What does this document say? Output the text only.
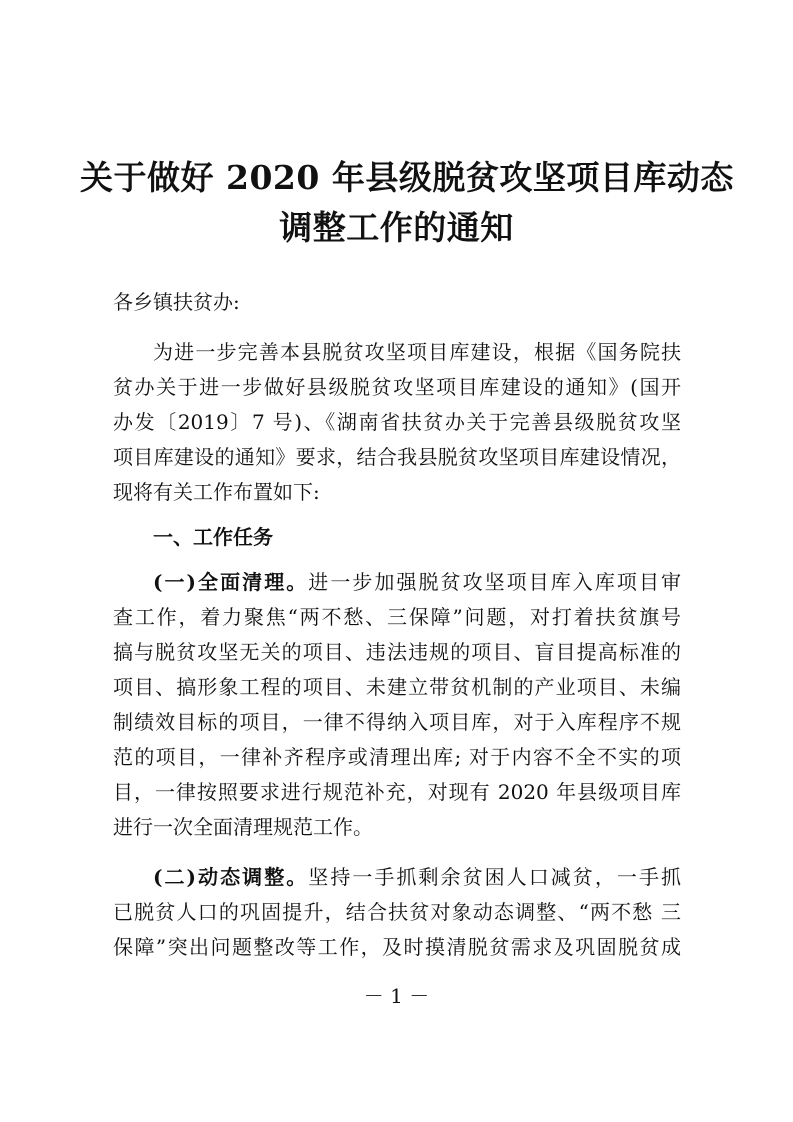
关于做好 2020 年县级脱贫攻坚项目库动态
调整工作的通知
各乡镇扶贫办:
为进一步完善本县脱贫攻坚项目库建设，根据《国务院扶
贫办关于进一步做好县级脱贫攻坚项目库建设的通知》(国开
办发〔2019〕7 号)、《湖南省扶贫办关于完善县级脱贫攻坚
项目库建设的通知》要求，结合我县脱贫攻坚项目库建设情况，
现将有关工作布置如下:
一、工作任务
(一)全面清理。进一步加强脱贫攻坚项目库入库项目审
查工作，着力聚焦“两不愁、三保障”问题，对打着扶贫旗号
搞与脱贫攻坚无关的项目、违法违规的项目、盲目提高标准的
项目、搞形象工程的项目、未建立带贫机制的产业项目、未编
制绩效目标的项目，一律不得纳入项目库，对于入库程序不规
范的项目，一律补齐程序或清理出库; 对于内容不全不实的项
目，一律按照要求进行规范补充，对现有 2020 年县级项目库
进行一次全面清理规范工作。
(二)动态调整。坚持一手抓剩余贫困人口减贫，一手抓
已脱贫人口的巩固提升，结合扶贫对象动态调整、“两不愁 三
保障”突出问题整改等工作，及时摸清脱贫需求及巩固脱贫成
－ 1 －
